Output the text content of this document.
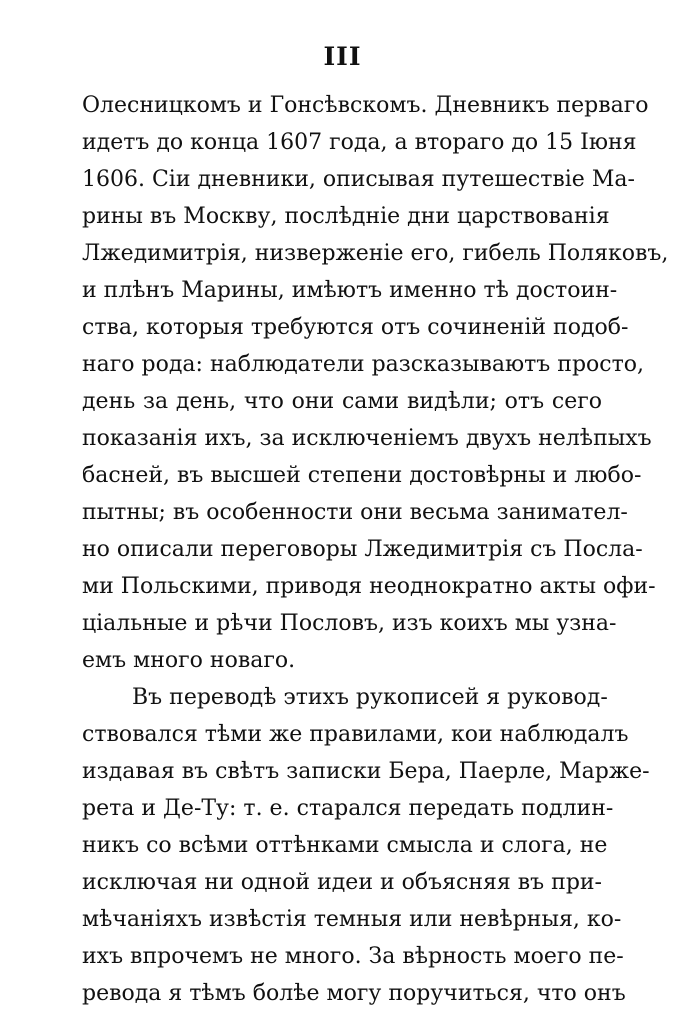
III
Олесницкомъ и Гонсѣвскомъ. Дневникъ перваго
идетъ до конца 1607 года, а втораго до 15 Іюня
1606. Сіи дневники, описывая путешествіе Ма-
рины въ Москву, послѣдніе дни царствованія
Лжедимитрія, низверженіе его, гибель Поляковъ,
и плѣнъ Марины, имѣютъ именно тѣ достоин-
ства, которыя требуются отъ сочиненій подоб-
наго рода: наблюдатели разсказываютъ просто,
день за день, что они сами видѣли; отъ сего
показанія ихъ, за исключеніемъ двухъ нелѣпыхъ
басней, въ высшей степени достовѣрны и любо-
пытны; въ особенности они весьма занимател-
но описали переговоры Лжедимитрія съ Посла-
ми Польскими, приводя неоднократно акты офи-
ціальные и рѣчи Пословъ, изъ коихъ мы узна-
емъ много новаго.
Въ переводѣ этихъ рукописей я руковод-
ствовался тѣми же правилами, кои наблюдалъ
издавая въ свѣтъ записки Бера, Паерле, Маржe-
рета и Де-Ту: т. е. старался передать подлин-
никъ со всѣми оттѣнками смысла и слога, не
исключая ни одной идеи и объясняя въ при-
мѣчаніяхъ извѣстія темныя или невѣрныя, ко-
ихъ впрочемъ не много. За вѣрность моего пе-
ревода я тѣмъ болѣе могу поручиться, что онъ
